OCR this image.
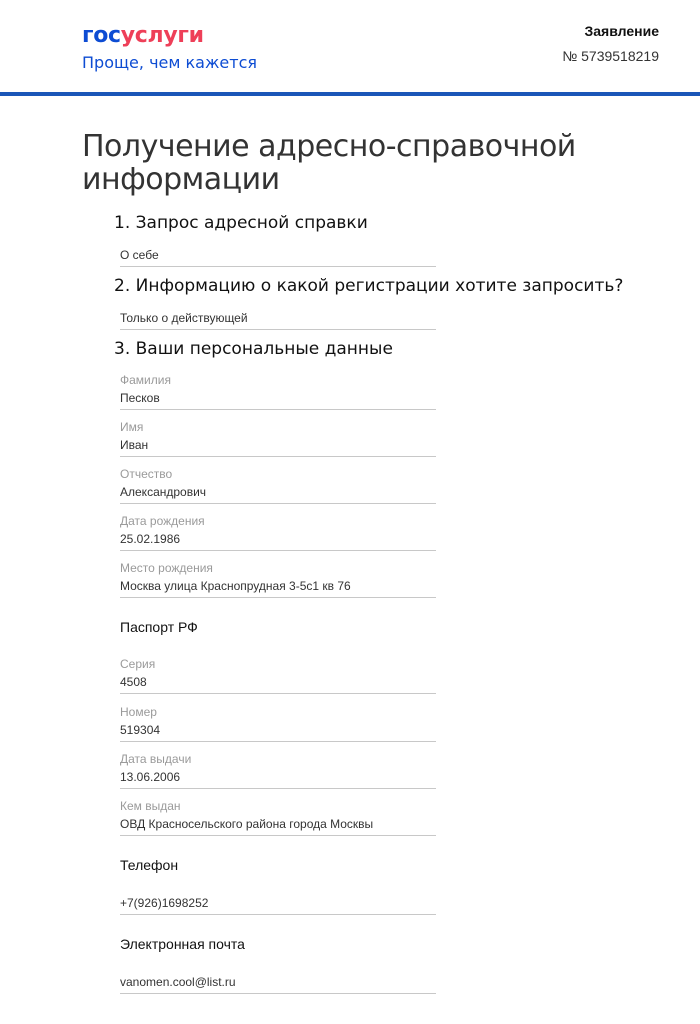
госуслуги
Проще, чем кажется
Заявление
№ 5739518219
Получение адресно-справочной
информации
1. Запрос адресной справки
О себе
2. Информацию о какой регистрации хотите запросить?
Только о действующей
3. Ваши персональные данные
Фамилия
Песков
Имя
Иван
Отчество
Александрович
Дата рождения
25.02.1986
Место рождения
Москва улица Краснопрудная 3-5с1 кв 76
Паспорт РФ
Серия
4508
Номер
519304
Дата выдачи
13.06.2006
Кем выдан
ОВД Красносельского района города Москвы
Телефон
+7(926)1698252
Электронная почта
vanomen.cool@list.ru
